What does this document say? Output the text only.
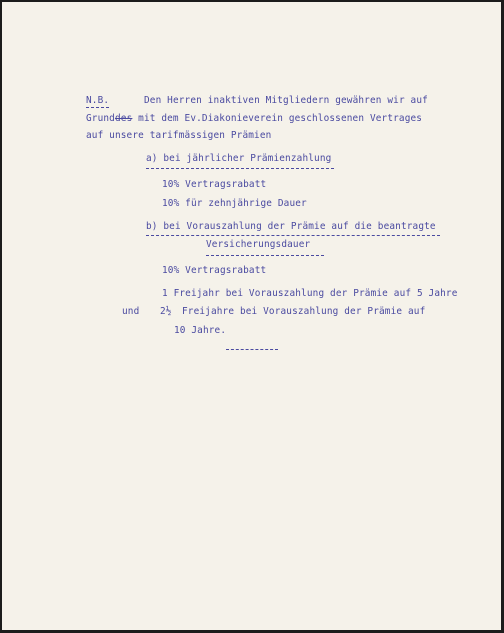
N.B.	Den Herren inaktiven Mitgliedern gewähren wir auf
Grunddes mit dem Ev.Diakonieverein geschlossenen Vertrages
auf unsere tarifmässigen Prämien
a) bei jährlicher Prämienzahlung
10% Vertragsrabatt
10% für zehnjährige Dauer
b) bei Vorauszahlung der Prämie auf die beantragte
Versicherungsdauer
10% Vertragsrabatt
1 Freijahr bei Vorauszahlung der Prämie auf 5 Jahre
und 2½ Freijahre bei Vorauszahlung der Prämie auf
10 Jahre.
